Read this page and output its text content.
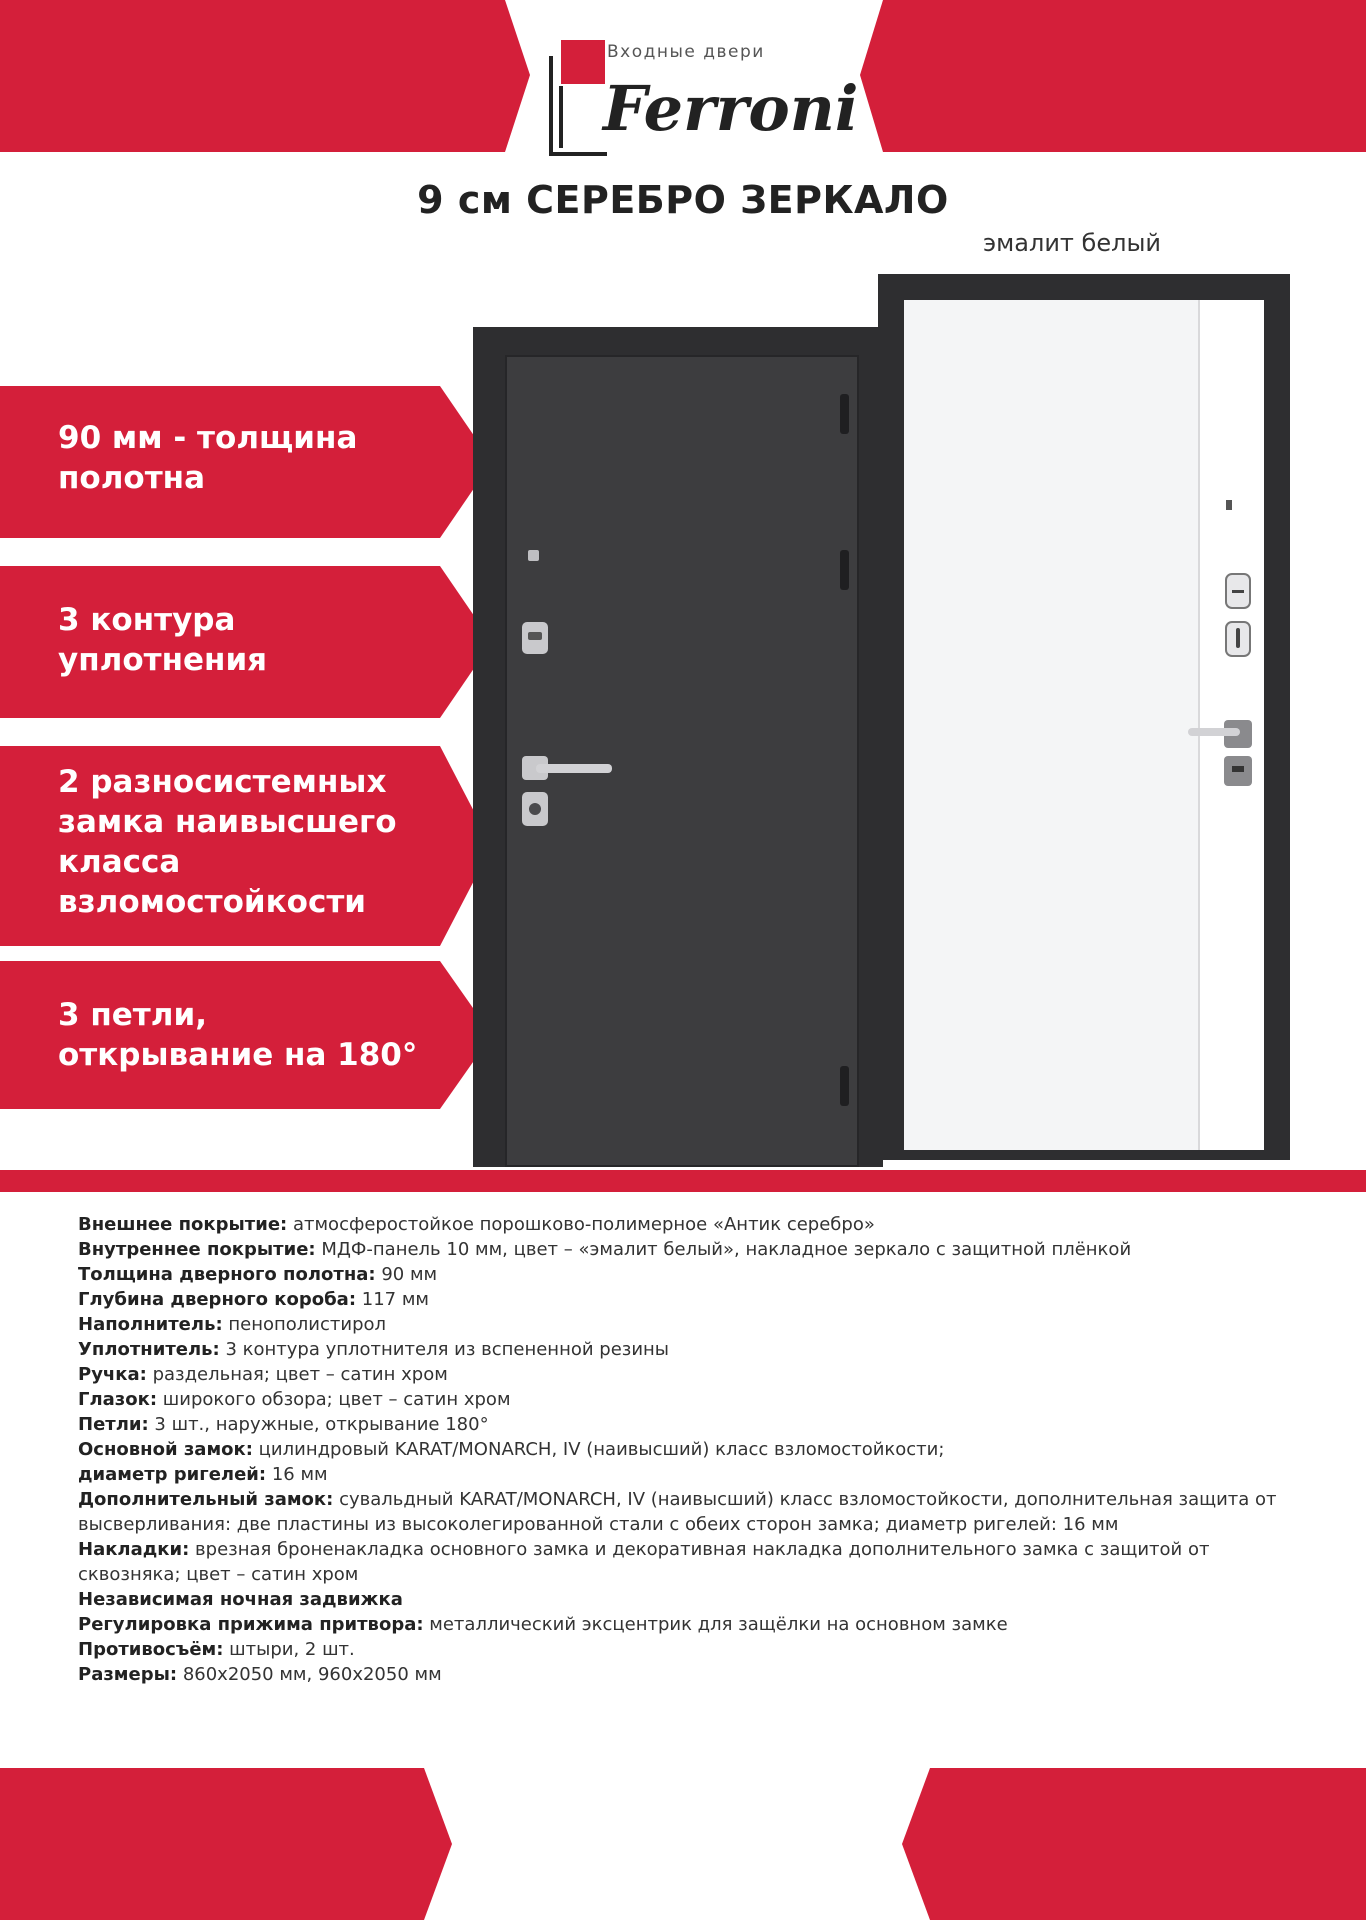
Входные двери
Ferroni
9 см СЕРЕБРО ЗЕРКАЛО
эмалит белый
90 мм - толщина
полотна
3 контура
уплотнения
2 разносистемных
замка наивысшего
класса
взломостойкости
3 петли,
открывание на 180°

Внешнее покрытие: атмосферостойкое порошково-полимерное «Антик серебро»

Внутреннее покрытие: МДФ-панель 10 мм, цвет – «эмалит белый», накладное зеркало с защитной плёнкой

Толщина дверного полотна: 90 мм

Глубина дверного короба: 117 мм

Наполнитель: пенополистирол

Уплотнитель: 3 контура уплотнителя из вспененной резины

Ручка: раздельная; цвет – сатин хром

Глазок: широкого обзора; цвет – сатин хром

Петли: 3 шт., наружные, открывание 180°

Основной замок: цилиндровый KARAT/MONARCH, IV (наивысший) класс взломостойкости;

диаметр ригелей: 16 мм

Дополнительный замок: сувальдный KARAT/MONARCH, IV (наивысший) класс взломостойкости, дополнительная защита от высверливания: две пластины из высоколегированной стали с обеих сторон замка; диаметр ригелей: 16 мм

Накладки: врезная броненакладка основного замка и декоративная накладка дополнительного замка с защитой от сквозняка; цвет – сатин хром

Независимая ночная задвижка

Регулировка прижима притвора: металлический эксцентрик для защёлки на основном замке

Противосъём: штыри, 2 шт.

Размеры: 860x2050 мм, 960x2050 мм
